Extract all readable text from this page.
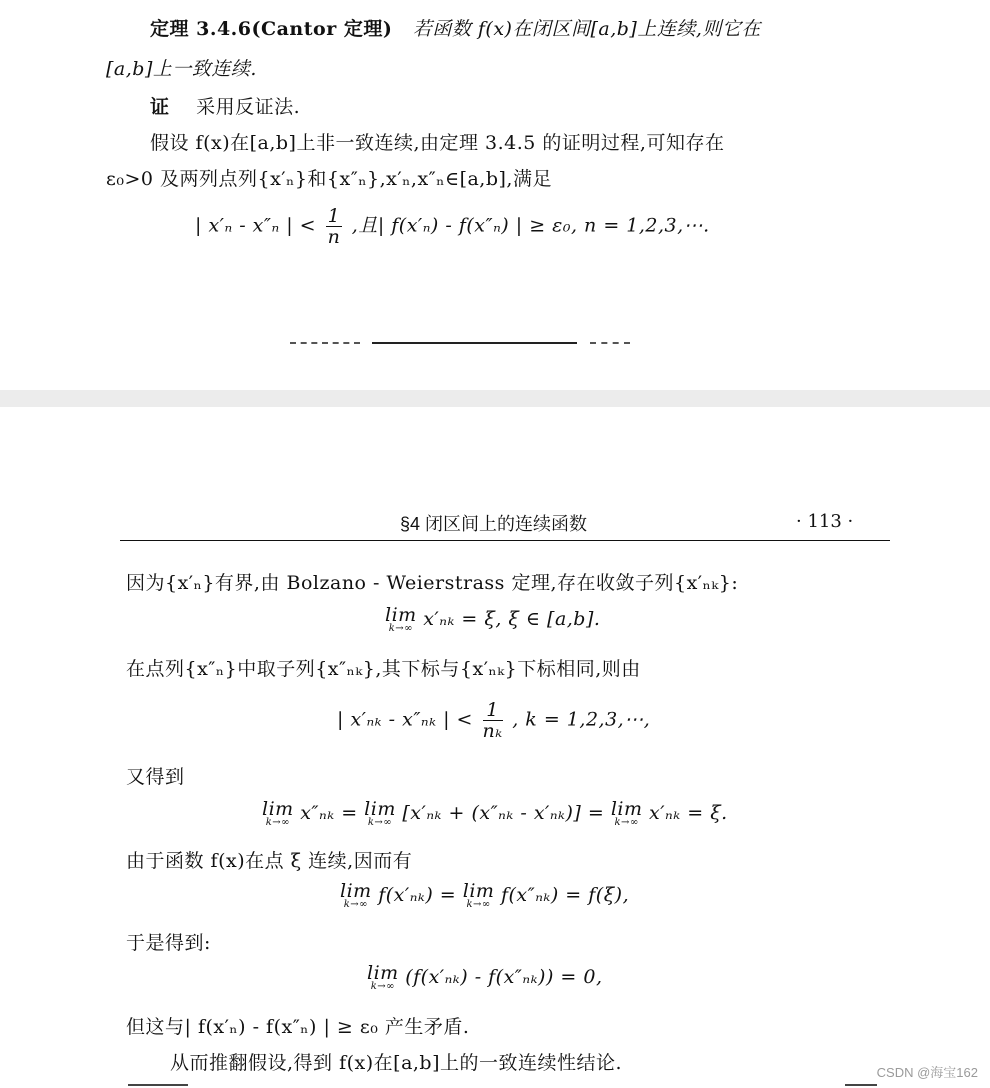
定理 3.4.6(Cantor 定理) 若函数 f(x)在闭区间[a,b]上连续,则它在
[a,b]上一致连续.
证 采用反证法.
假设 f(x)在[a,b]上非一致连续,由定理 3.4.5 的证明过程,可知存在
ε₀>0 及两列点列{x′ₙ}和{x″ₙ},x′ₙ,x″ₙ∈[a,b],满足
| x′ₙ - x″ₙ | < $\frac{1}{n}$ ,且| f(x′ₙ) - f(x″ₙ) | ≥ ε₀, n = 1,2,3,⋯.
§4 闭区间上的连续函数	· 113 ·
因为{x′ₙ}有界,由 Bolzano - Weierstrass 定理,存在收敛子列{x′ₙₖ}:
lim
k→∞ x′ₙₖ = ξ, ξ ∈ [a,b].
在点列{x″ₙ}中取子列{x″ₙₖ},其下标与{x′ₙₖ}下标相同,则由
| x′ₙₖ - x″ₙₖ | < $\frac{1}{\text{nₖ}}$ , k = 1,2,3,⋯,
又得到
lim
k→∞ x″ₙₖ = lim
k→∞ [x′ₙₖ + (x″ₙₖ - x′ₙₖ)] = lim
k→∞ x′ₙₖ = ξ.
由于函数 f(x)在点 ξ 连续,因而有
lim
k→∞ f(x′ₙₖ) = lim
k→∞ f(x″ₙₖ) = f(ξ),
于是得到:
lim
k→∞ (f(x′ₙₖ) - f(x″ₙₖ)) = 0,
但这与| f(x′ₙ) - f(x″ₙ) | ≥ ε₀ 产生矛盾.
从而推翻假设,得到 f(x)在[a,b]上的一致连续性结论.	CSDN @海宝162
